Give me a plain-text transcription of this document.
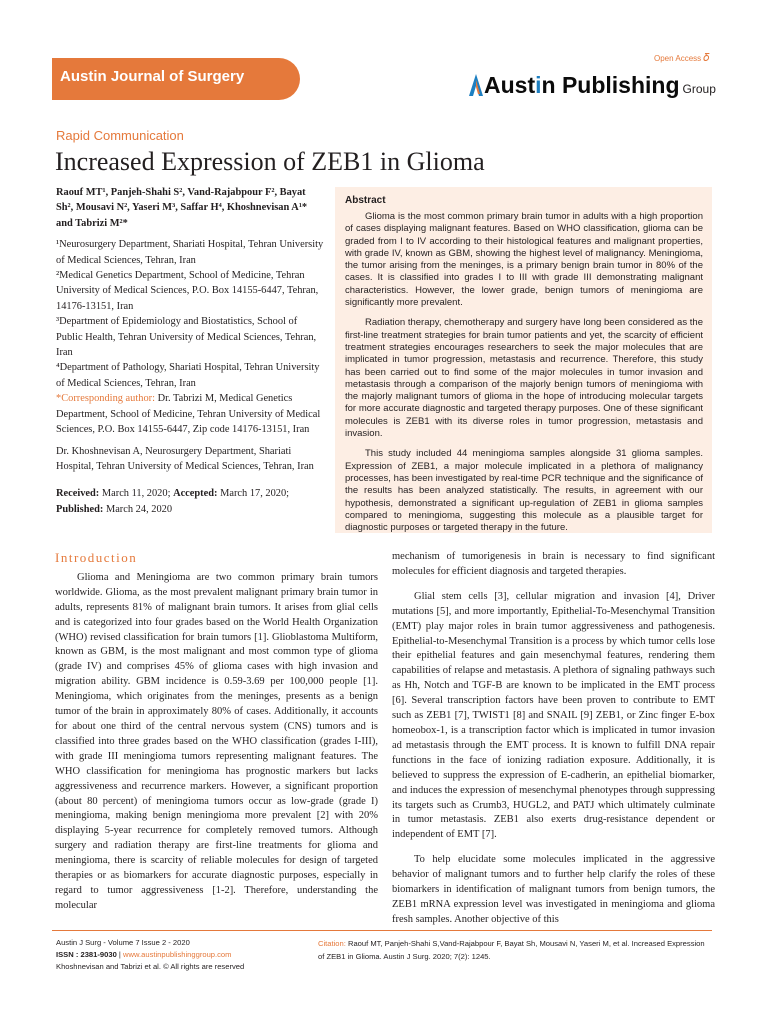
Austin Journal of Surgery
Open Access 𝛿
Austin Publishing Group
Rapid Communication
Increased Expression of ZEB1 in Glioma

Raouf MT¹, Panjeh-Shahi S², Vand-Rajabpour F², Bayat Sh², Mousavi N², Yaseri M³, Saffar H⁴, Khoshnevisan A¹* and Tabrizi M²*

¹Neurosurgery Department, Shariati Hospital, Tehran University of Medical Sciences, Tehran, Iran

²Medical Genetics Department, School of Medicine, Tehran University of Medical Sciences, P.O. Box 14155-6447, Tehran, 14176-13151, Iran

³Department of Epidemiology and Biostatistics, School of Public Health, Tehran University of Medical Sciences, Tehran, Iran

⁴Department of Pathology, Shariati Hospital, Tehran University of Medical Sciences, Tehran, Iran

*Corresponding author: Dr. Tabrizi M, Medical Genetics Department, School of Medicine, Tehran University of Medical Sciences, P.O. Box 14155-6447, Zip code 14176-13151, Iran

Dr. Khoshnevisan A, Neurosurgery Department, Shariati Hospital, Tehran University of Medical Sciences, Tehran, Iran

Received: March 11, 2020; Accepted: March 17, 2020; Published: March 24, 2020

Abstract

Glioma is the most common primary brain tumor in adults with a high proportion of cases displaying malignant features. Based on WHO classification, glioma can be graded from I to IV according to their histological features and malignant properties, with grade IV, known as GBM, showing the highest level of malignancy. Meningioma, the tumor arising from the meninges, is a primary benign brain tumor in 80% of the cases. It is classified into grades I to III with grade III demonstrating malignant characteristics. However, the lower grade, benign tumors of meningioma are significantly more prevalent.

Radiation therapy, chemotherapy and surgery have long been considered as the first-line treatment strategies for brain tumor patients and yet, the scarcity of efficient treatment strategies encourages researchers to seek the major molecules that are implicated in tumor progression, metastasis and recurrence. Therefore, this study has been carried out to find some of the major molecules in tumor invasion and metastasis through a comparison of the majorly benign tumors of meningioma with the majorly malignant tumors of glioma in the hope of introducing molecular targets for more accurate diagnostic and targeted therapy purposes. One of these significant molecules is ZEB1 with its diverse roles in tumor progression, metastasis and invasion.

This study included 44 meningioma samples alongside 31 glioma samples. Expression of ZEB1, a major molecule implicated in a plethora of malignancy processes, has been investigated by real-time PCR technique and the significance of the results has been analyzed statistically. The results, in agreement with our hypothesis, demonstrated a significant up-regulation of ZEB1 in glioma samples compared to meningioma, suggesting this molecule as a plausible target for diagnostic purposes or targeted therapy in the future.

Introduction

Glioma and Meningioma are two common primary brain tumors worldwide. Glioma, as the most prevalent malignant primary brain tumor in adults, represents 81% of malignant brain tumors. It arises from glial cells and is categorized into four grades based on the World Health Organization (WHO) revised classification for brain tumors [1]. Glioblastoma Multiform, known as GBM, is the most malignant and most common type of glioma (grade IV) and comprises 45% of glioma cases with high invasion and migration ability. GBM incidence is 0.59-3.69 per 100,000 people [1]. Meningioma, which originates from the meninges, presents as a benign tumor of the brain in approximately 80% of cases. Additionally, it accounts for about one third of the central nervous system (CNS) tumors and is classified into three grades based on the WHO classification (grades I-III), with grade III meningioma tumors representing malignant features. The WHO classification for meningioma has prognostic markers but lacks aggressiveness and recurrence markers. However, a significant proportion (about 80 percent) of meningioma tumors occur as low-grade (grade I) meningioma, making benign meningioma more prevalent [2] with 20% displaying 5-year recurrence for completely removed tumors. Although surgery and radiation therapy are first-line treatments for glioma and meningioma, there is scarcity of reliable molecules for design of targeted therapies or as biomarkers for accurate diagnostic purposes, especially in regard to tumor aggressiveness [1-2]. Therefore, understanding the molecular

mechanism of tumorigenesis in brain is necessary to find significant molecules for efficient diagnosis and targeted therapies.

Glial stem cells [3], cellular migration and invasion [4], Driver mutations [5], and more importantly, Epithelial-To-Mesenchymal Transition (EMT) play major roles in brain tumor aggressiveness and pathogenesis. Epithelial-to-Mesenchymal Transition is a process by which tumor cells lose their epithelial features and gain mesenchymal features, rendering them capabilities of relapse and metastasis. A plethora of signaling pathways such as Hh, Notch and TGF-B are known to be implicated in the EMT process [6]. Several transcription factors have been proven to contribute to EMT such as ZEB1 [7], TWIST1 [8] and SNAIL [9] ZEB1, or Zinc finger E-box homeobox-1, is a transcription factor which is implicated in tumor invasion ad metastasis through the EMT process. It is known to fulfill DNA repair functions in the face of ionizing radiation exposure. Additionally, it is believed to suppress the expression of E-cadherin, an epithelial biomarker, and induces the expression of mesenchymal phenotypes through suppressing its targets such as Crumb3, HUGL2, and PATJ which ultimately culminate in tumor metastasis. ZEB1 also exerts drug-resistance dependent or independent of EMT [7].

To help elucidate some molecules implicated in the aggressive behavior of malignant tumors and to further help clarify the roles of these biomarkers in identification of malignant tumors from benign tumors, the ZEB1 mRNA expression level was investigated in meningioma and glioma fresh samples. Another objective of this

Austin J Surg - Volume 7 Issue 2 - 2020
ISSN : 2381-9030 | www.austinpublishinggroup.com
Khoshnevisan and Tabrizi et al. © All rights are reserved
Citation: Raouf MT, Panjeh-Shahi S,Vand-Rajabpour F, Bayat Sh, Mousavi N, Yaseri M, et al. Increased Expression of ZEB1 in Glioma. Austin J Surg. 2020; 7(2): 1245.
